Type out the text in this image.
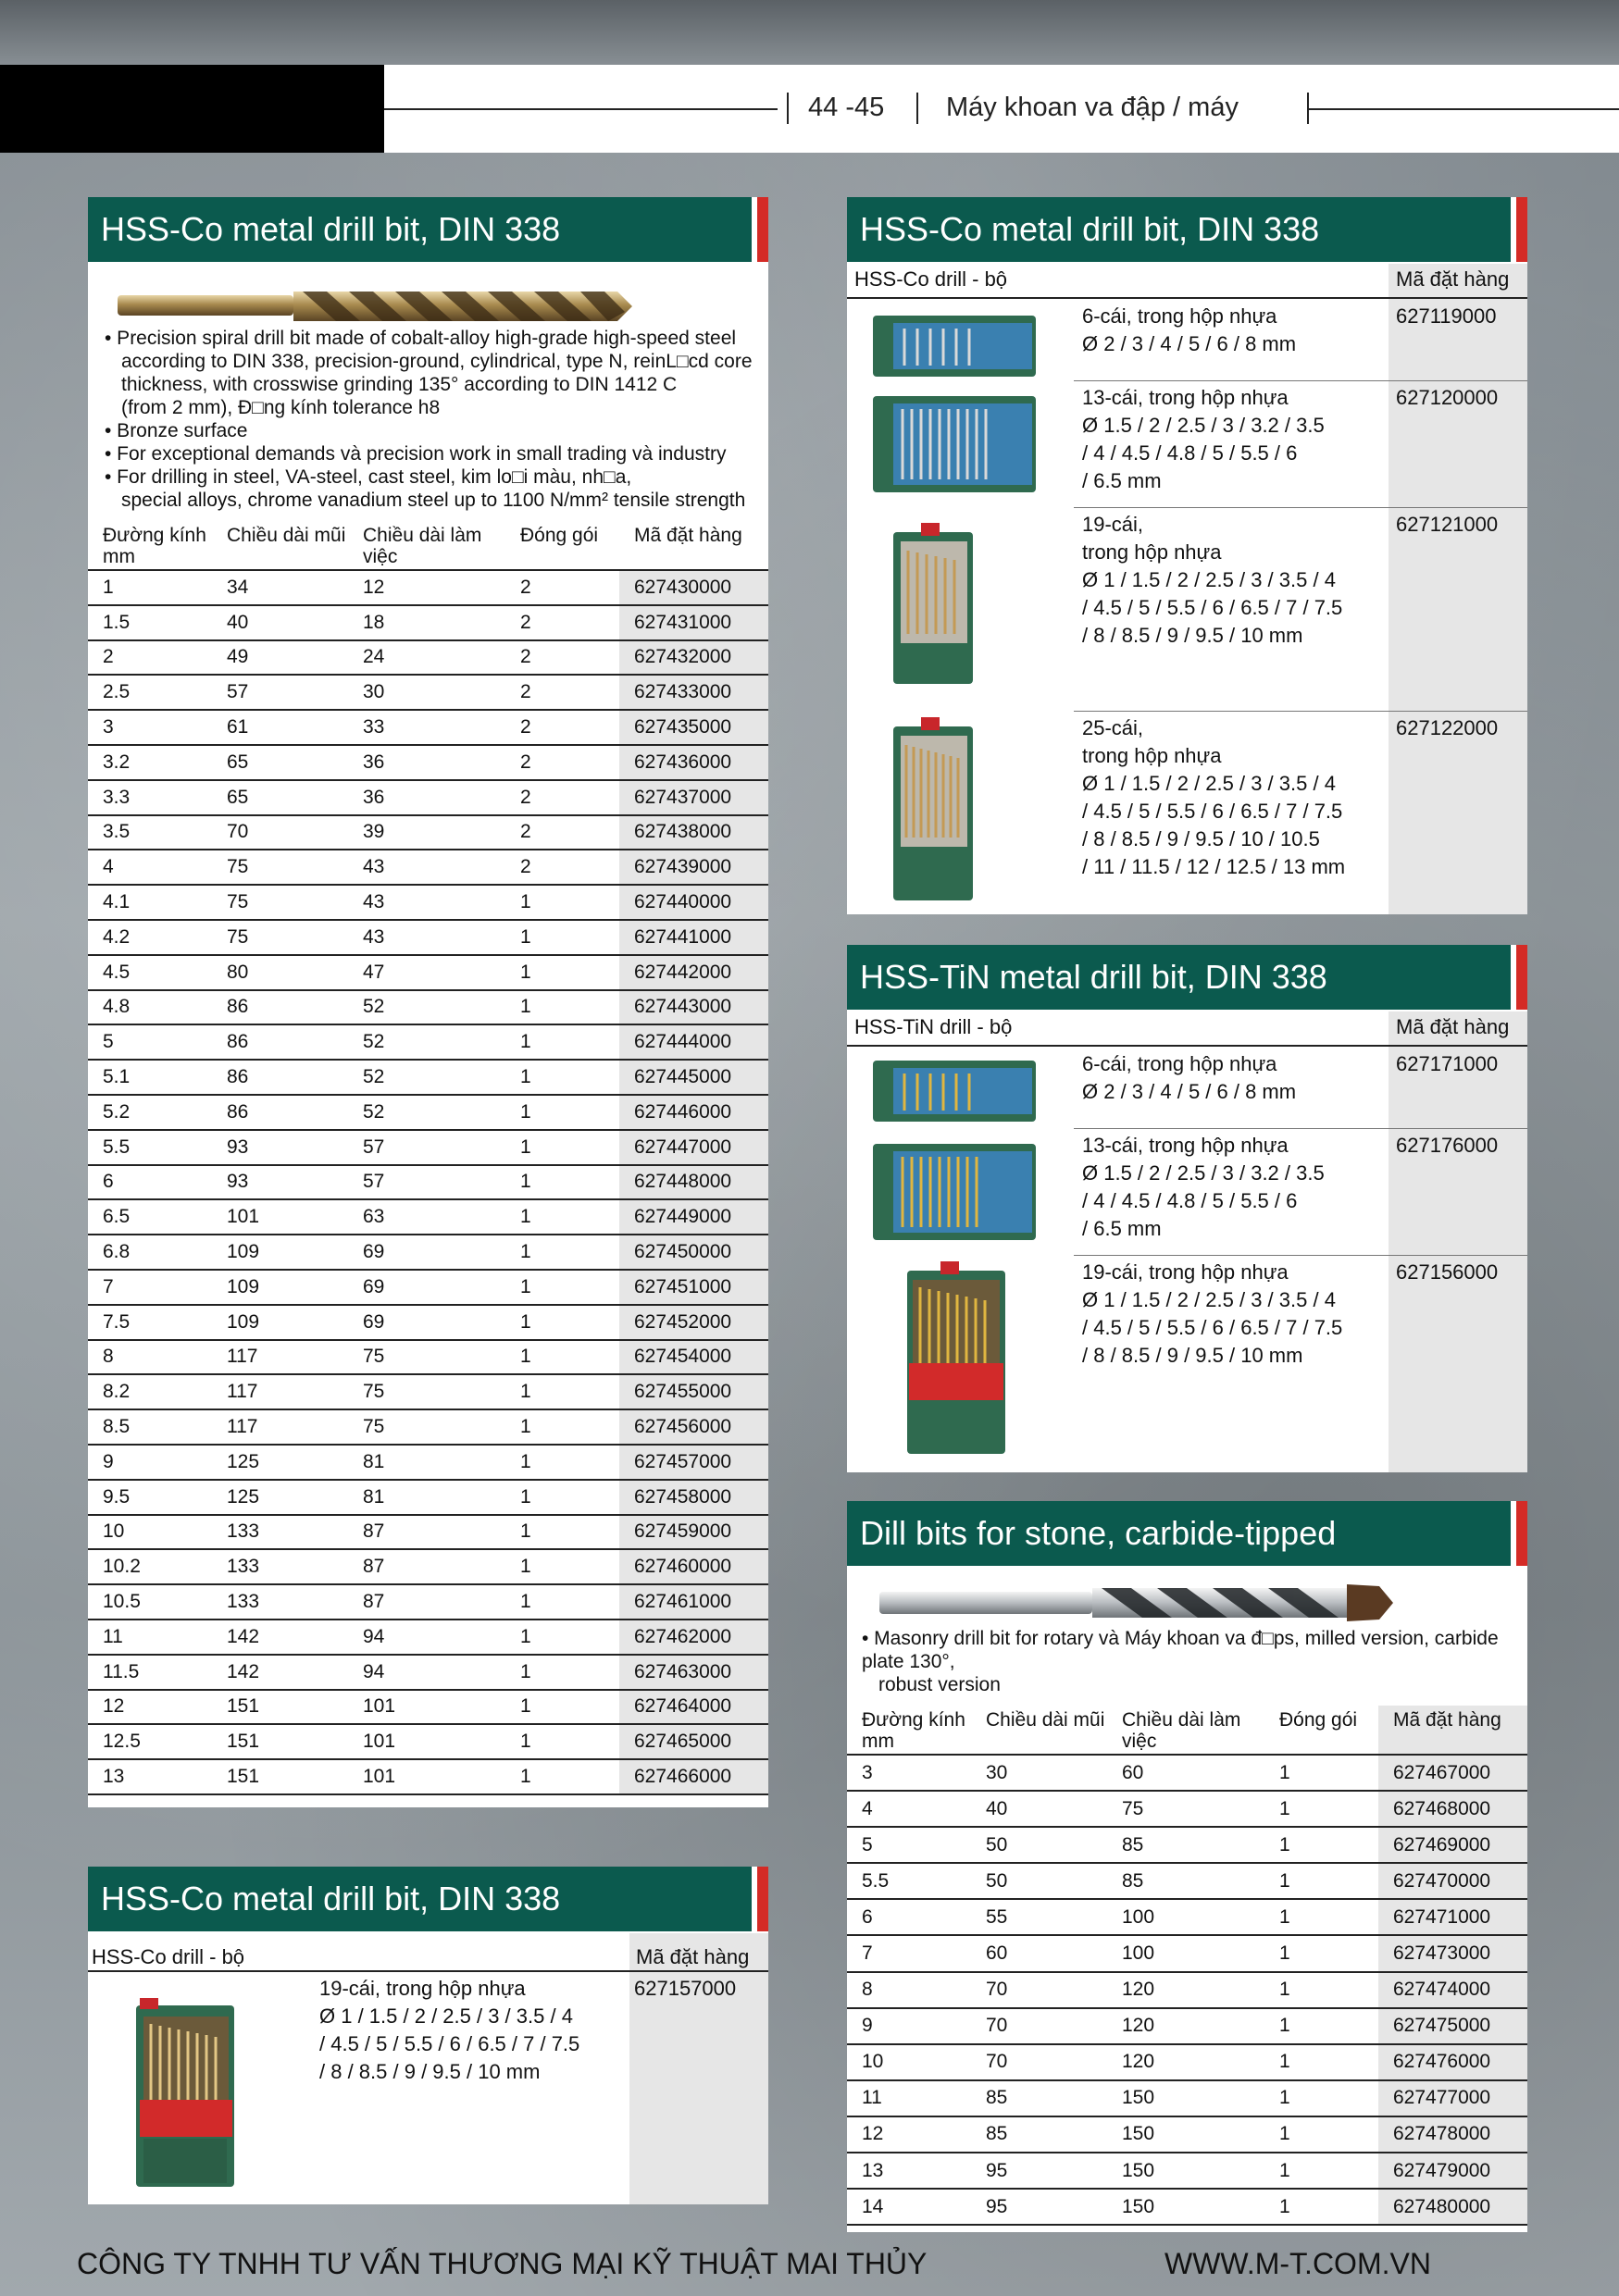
44 -45 Máy khoan va đập / máy
HSS-Co metal drill bit, DIN 338
• Precision spiral drill bit made of cobalt-alloy high-grade high-speed steel
according to DIN 338, precision-ground, cylindrical, type N, reinL□cd core
thickness, with crosswise grinding 135° according to DIN 1412 C
(from 2 mm), Đ□ng kính tolerance h8
• Bronze surface
• For exceptional demands và precision work in small trading và industry
• For drilling in steel, VA-steel, cast steel, kim lo□i màu, nh□a,
special alloys, chrome vanadium steel up to 1100 N/mm² tensile strength
Đường kính mm	Chiều dài mũi	Chiều dài làm việc	Đóng gói	Mã đặt hàng
1	34	12	2	627430000
1.5	40	18	2	627431000
2	49	24	2	627432000
2.5	57	30	2	627433000
3	61	33	2	627435000
3.2	65	36	2	627436000
3.3	65	36	2	627437000
3.5	70	39	2	627438000
4	75	43	2	627439000
4.1	75	43	1	627440000
4.2	75	43	1	627441000
4.5	80	47	1	627442000
4.8	86	52	1	627443000
5	86	52	1	627444000
5.1	86	52	1	627445000
5.2	86	52	1	627446000
5.5	93	57	1	627447000
6	93	57	1	627448000
6.5	101	63	1	627449000
6.8	109	69	1	627450000
7	109	69	1	627451000
7.5	109	69	1	627452000
8	117	75	1	627454000
8.2	117	75	1	627455000
8.5	117	75	1	627456000
9	125	81	1	627457000
9.5	125	81	1	627458000
10	133	87	1	627459000
10.2	133	87	1	627460000
10.5	133	87	1	627461000
11	142	94	1	627462000
11.5	142	94	1	627463000
12	151	101	1	627464000
12.5	151	101	1	627465000
13	151	101	1	627466000
HSS-Co metal drill bit, DIN 338
HSS-Co drill - bộ	Mã đặt hàng
19-cái, trong hộp nhựa
Ø 1 / 1.5 / 2 / 2.5 / 3 / 3.5 / 4
/ 4.5 / 5 / 5.5 / 6 / 6.5 / 7 / 7.5
/ 8 / 8.5 / 9 / 9.5 / 10 mm
627157000
HSS-Co metal drill bit, DIN 338
HSS-Co drill - bộ	Mã đặt hàng
6-cái, trong hộp nhựa
Ø 2 / 3 / 4 / 5 / 6 / 8 mm
627119000
13-cái, trong hộp nhựa
Ø 1.5 / 2 / 2.5 / 3 / 3.2 / 3.5
/ 4 / 4.5 / 4.8 / 5 / 5.5 / 6
/ 6.5 mm
627120000
19-cái,
trong hộp nhựa
Ø 1 / 1.5 / 2 / 2.5 / 3 / 3.5 / 4
/ 4.5 / 5 / 5.5 / 6 / 6.5 / 7 / 7.5
/ 8 / 8.5 / 9 / 9.5 / 10 mm
627121000
25-cái,
trong hộp nhựa
Ø 1 / 1.5 / 2 / 2.5 / 3 / 3.5 / 4
/ 4.5 / 5 / 5.5 / 6 / 6.5 / 7 / 7.5
/ 8 / 8.5 / 9 / 9.5 / 10 / 10.5
/ 11 / 11.5 / 12 / 12.5 / 13 mm
627122000
HSS-TiN metal drill bit, DIN 338
HSS-TiN drill - bộ	Mã đặt hàng
6-cái, trong hộp nhựa
Ø 2 / 3 / 4 / 5 / 6 / 8 mm
627171000
13-cái, trong hộp nhựa
Ø 1.5 / 2 / 2.5 / 3 / 3.2 / 3.5
/ 4 / 4.5 / 4.8 / 5 / 5.5 / 6
/ 6.5 mm
627176000
19-cái, trong hộp nhựa
Ø 1 / 1.5 / 2 / 2.5 / 3 / 3.5 / 4
/ 4.5 / 5 / 5.5 / 6 / 6.5 / 7 / 7.5
/ 8 / 8.5 / 9 / 9.5 / 10 mm
627156000
Dill bits for stone, carbide-tipped
• Masonry drill bit for rotary và Máy khoan va đ□ps, milled version, carbide plate 130°,
robust version
Đường kính mm	Chiều dài mũi	Chiều dài làm việc	Đóng gói	Mã đặt hàng
3	30	60	1	627467000
4	40	75	1	627468000
5	50	85	1	627469000
5.5	50	85	1	627470000
6	55	100	1	627471000
7	60	100	1	627473000
8	70	120	1	627474000
9	70	120	1	627475000
10	70	120	1	627476000
11	85	150	1	627477000
12	85	150	1	627478000
13	95	150	1	627479000
14	95	150	1	627480000
CÔNG TY TNHH TƯ VẤN THƯƠNG MẠI KỸ THUẬT MAI THỦY	WWW.M-T.COM.VN
